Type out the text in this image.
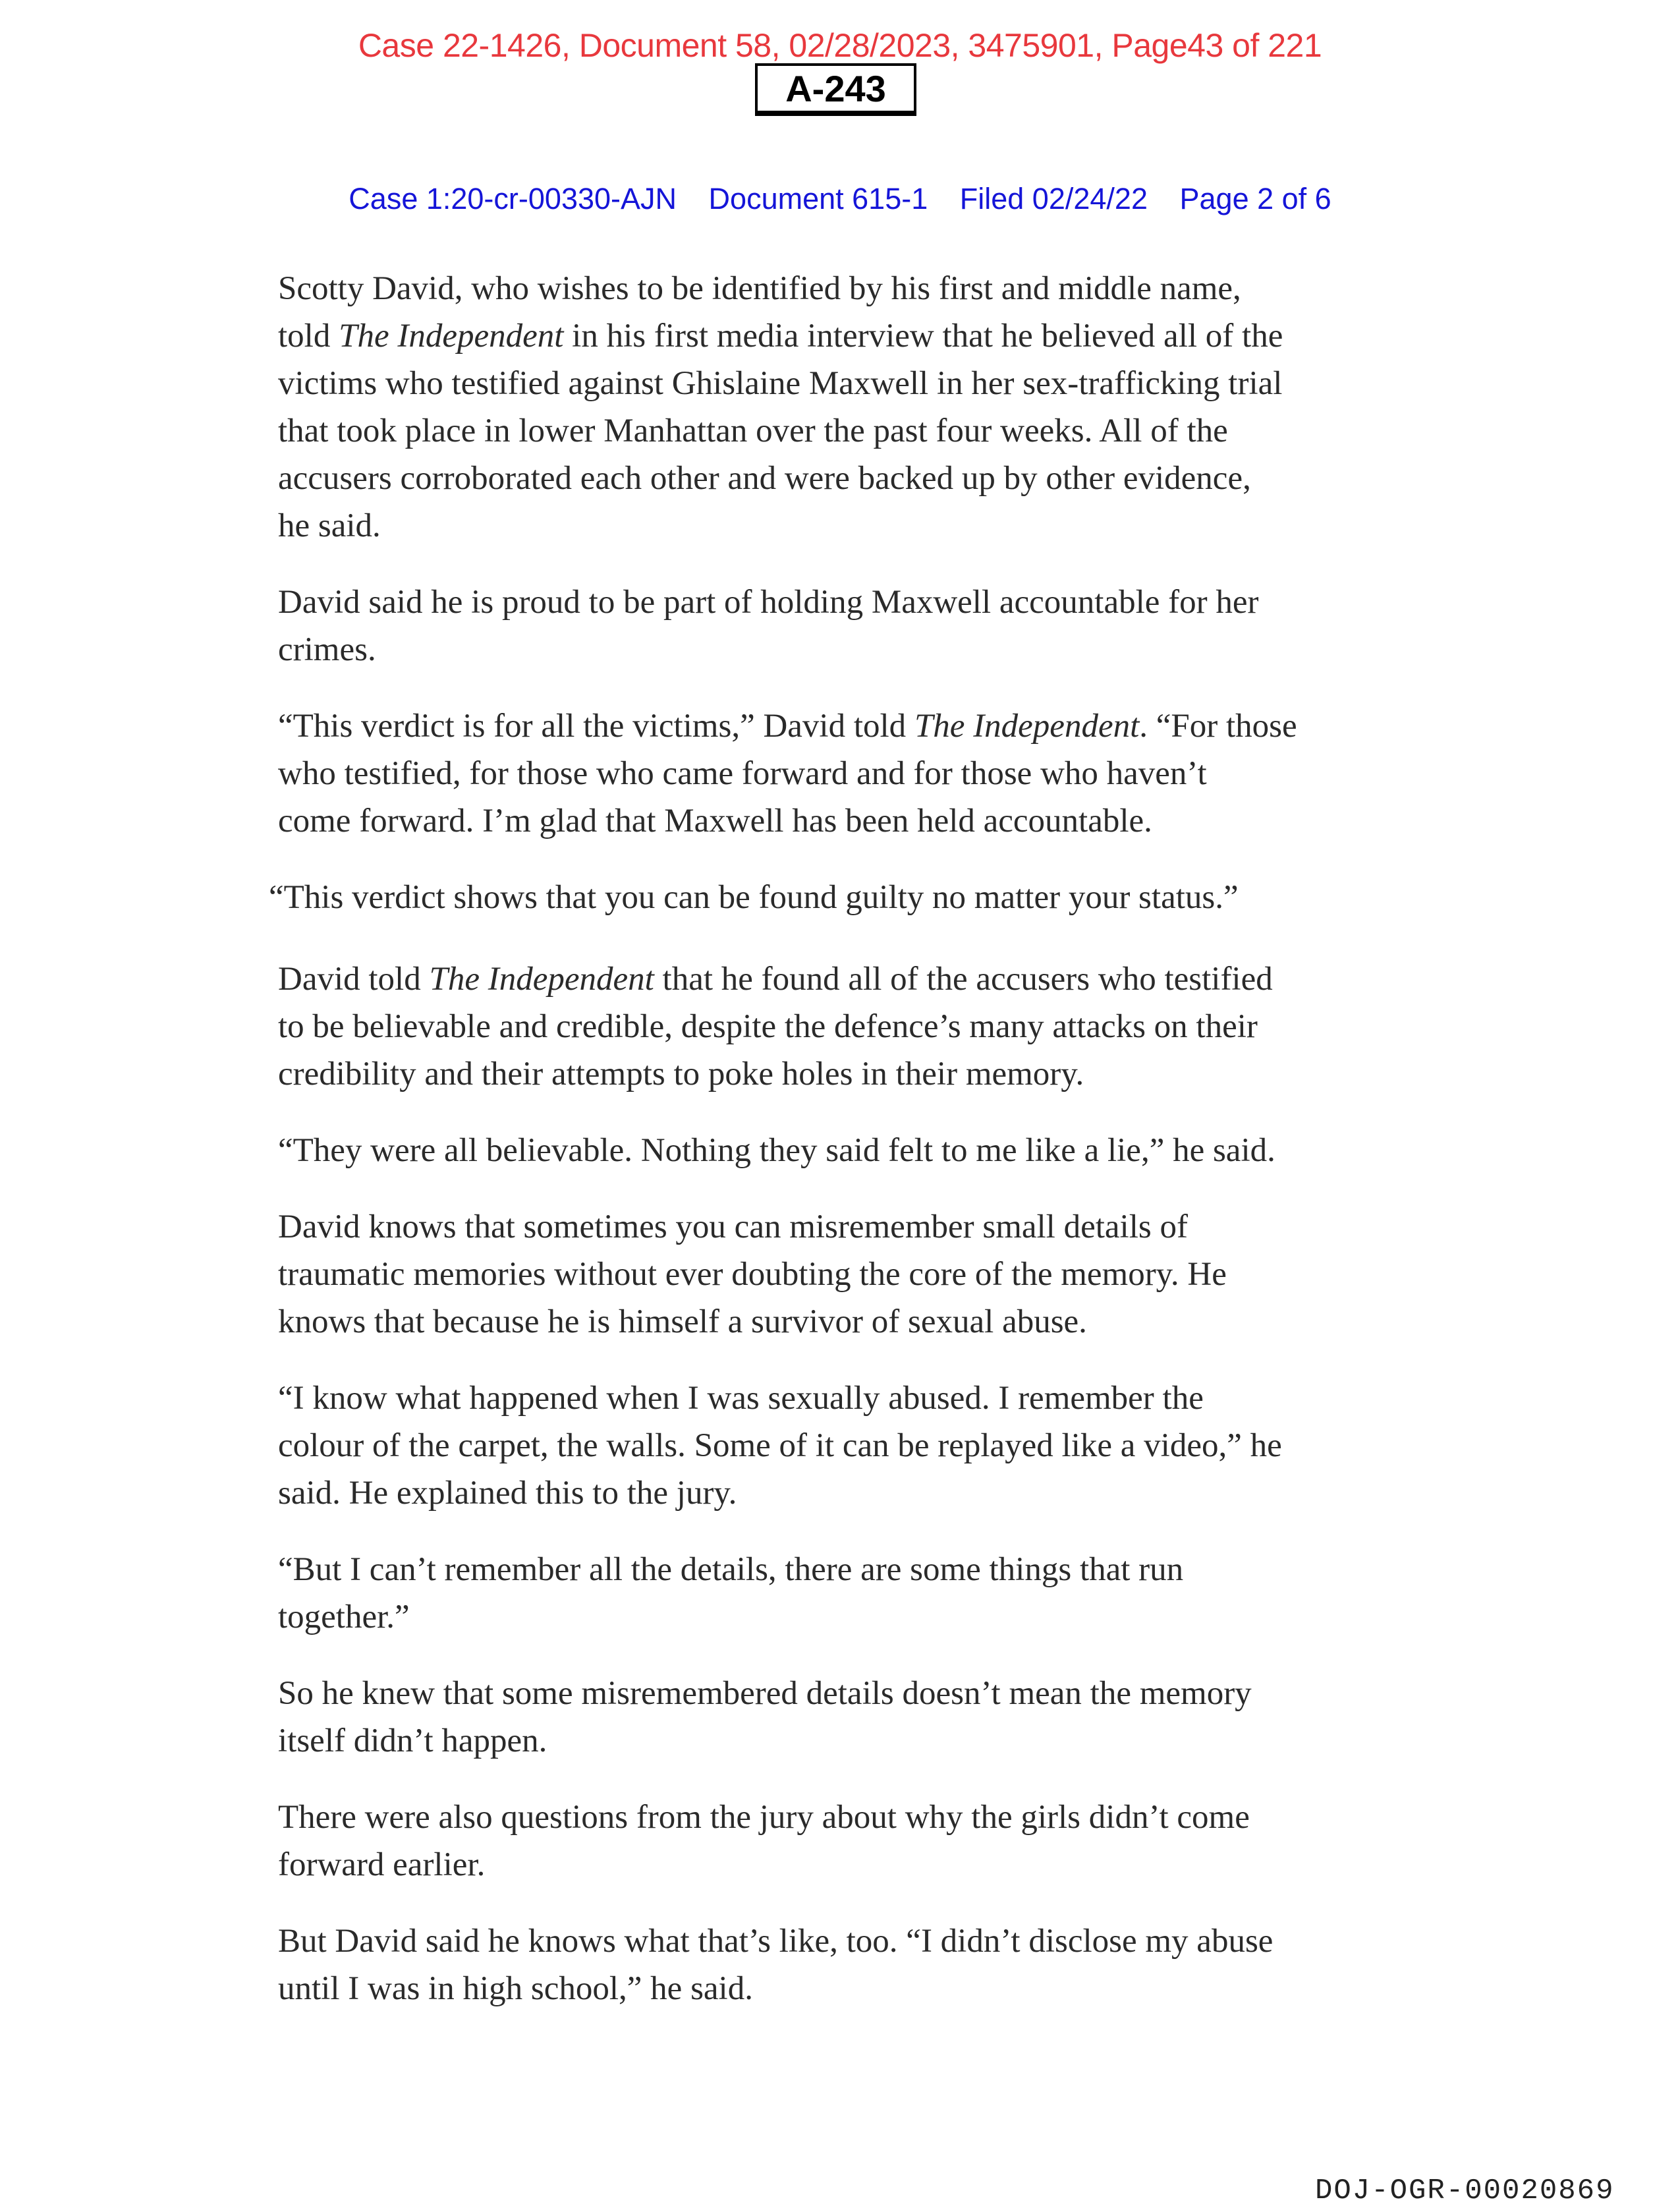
Case 22-1426, Document 58, 02/28/2023, 3475901, Page43 of 221
A-243
Case 1:20-cr-00330-AJN Document 615-1 Filed 02/24/22 Page 2 of 6
Scotty David, who wishes to be identified by his first and middle name,
told The Independent in his first media interview that he believed all of the
victims who testified against Ghislaine Maxwell in her sex-trafficking trial
that took place in lower Manhattan over the past four weeks. All of the
accusers corroborated each other and were backed up by other evidence,
he said.
David said he is proud to be part of holding Maxwell accountable for her
crimes.
“This verdict is for all the victims,” David told The Independent. “For those
who testified, for those who came forward and for those who haven’t
come forward. I’m glad that Maxwell has been held accountable.
“This verdict shows that you can be found guilty no matter your status.”
David told The Independent that he found all of the accusers who testified
to be believable and credible, despite the defence’s many attacks on their
credibility and their attempts to poke holes in their memory.
“They were all believable. Nothing they said felt to me like a lie,” he said.
David knows that sometimes you can misremember small details of
traumatic memories without ever doubting the core of the memory. He
knows that because he is himself a survivor of sexual abuse.
“I know what happened when I was sexually abused. I remember the
colour of the carpet, the walls. Some of it can be replayed like a video,” he
said. He explained this to the jury.
“But I can’t remember all the details, there are some things that run
together.”
So he knew that some misremembered details doesn’t mean the memory
itself didn’t happen.
There were also questions from the jury about why the girls didn’t come
forward earlier.
But David said he knows what that’s like, too. “I didn’t disclose my abuse
until I was in high school,” he said.
DOJ-OGR-00020869
